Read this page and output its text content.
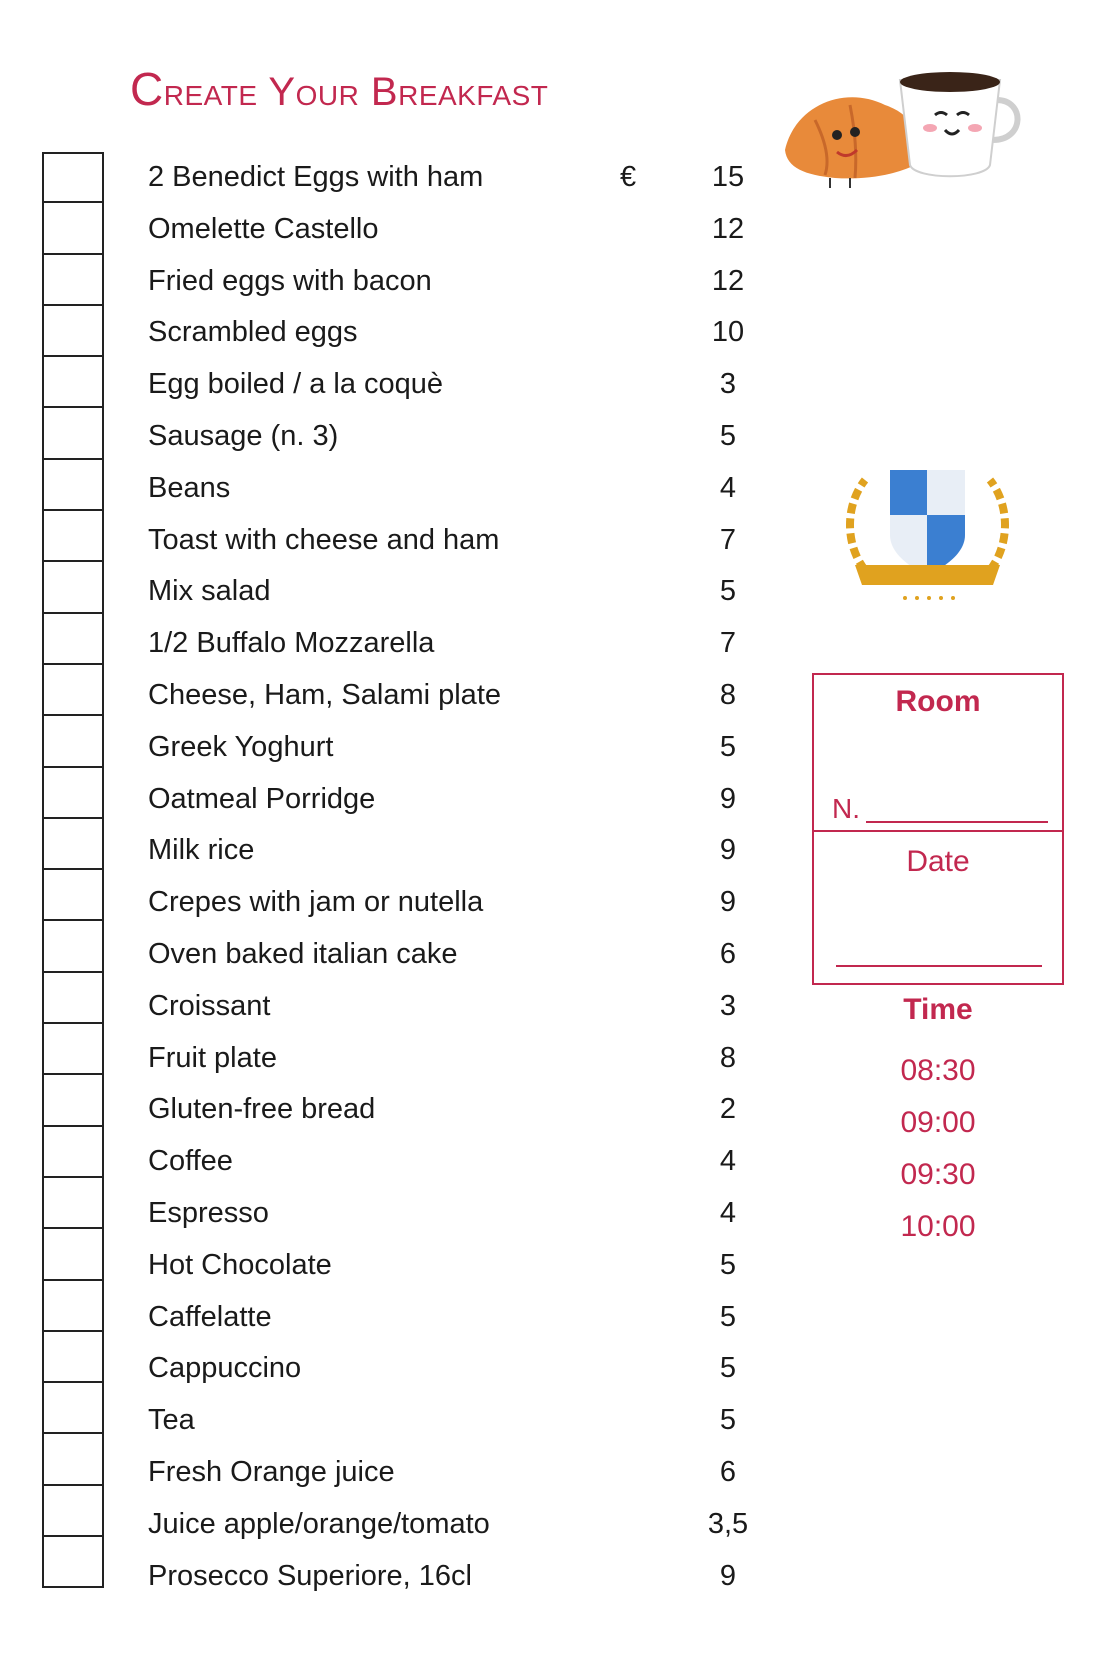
Create Your Breakfast
€
2 Benedict Eggs with ham	15
Omelette Castello	12
Fried eggs with bacon	12
Scrambled eggs	10
Egg boiled / a la coquè	3
Sausage (n. 3)	5
Beans	4
Toast with cheese and ham	7
Mix salad	5
1/2 Buffalo Mozzarella	7
Cheese, Ham, Salami plate	8
Greek Yoghurt	5
Oatmeal Porridge	9
Milk rice	9
Crepes with jam or nutella	9
Oven baked italian cake	6
Croissant	3
Fruit plate	8
Gluten-free bread	2
Coffee	4
Espresso	4
Hot Chocolate	5
Caffelatte	5
Cappuccino	5
Tea	5
Fresh Orange juice	6
Juice apple/orange/tomato	3,5
Prosecco Superiore, 16cl	9
Room
N.
Date
Time
08:30
09:00
09:30
10:00
